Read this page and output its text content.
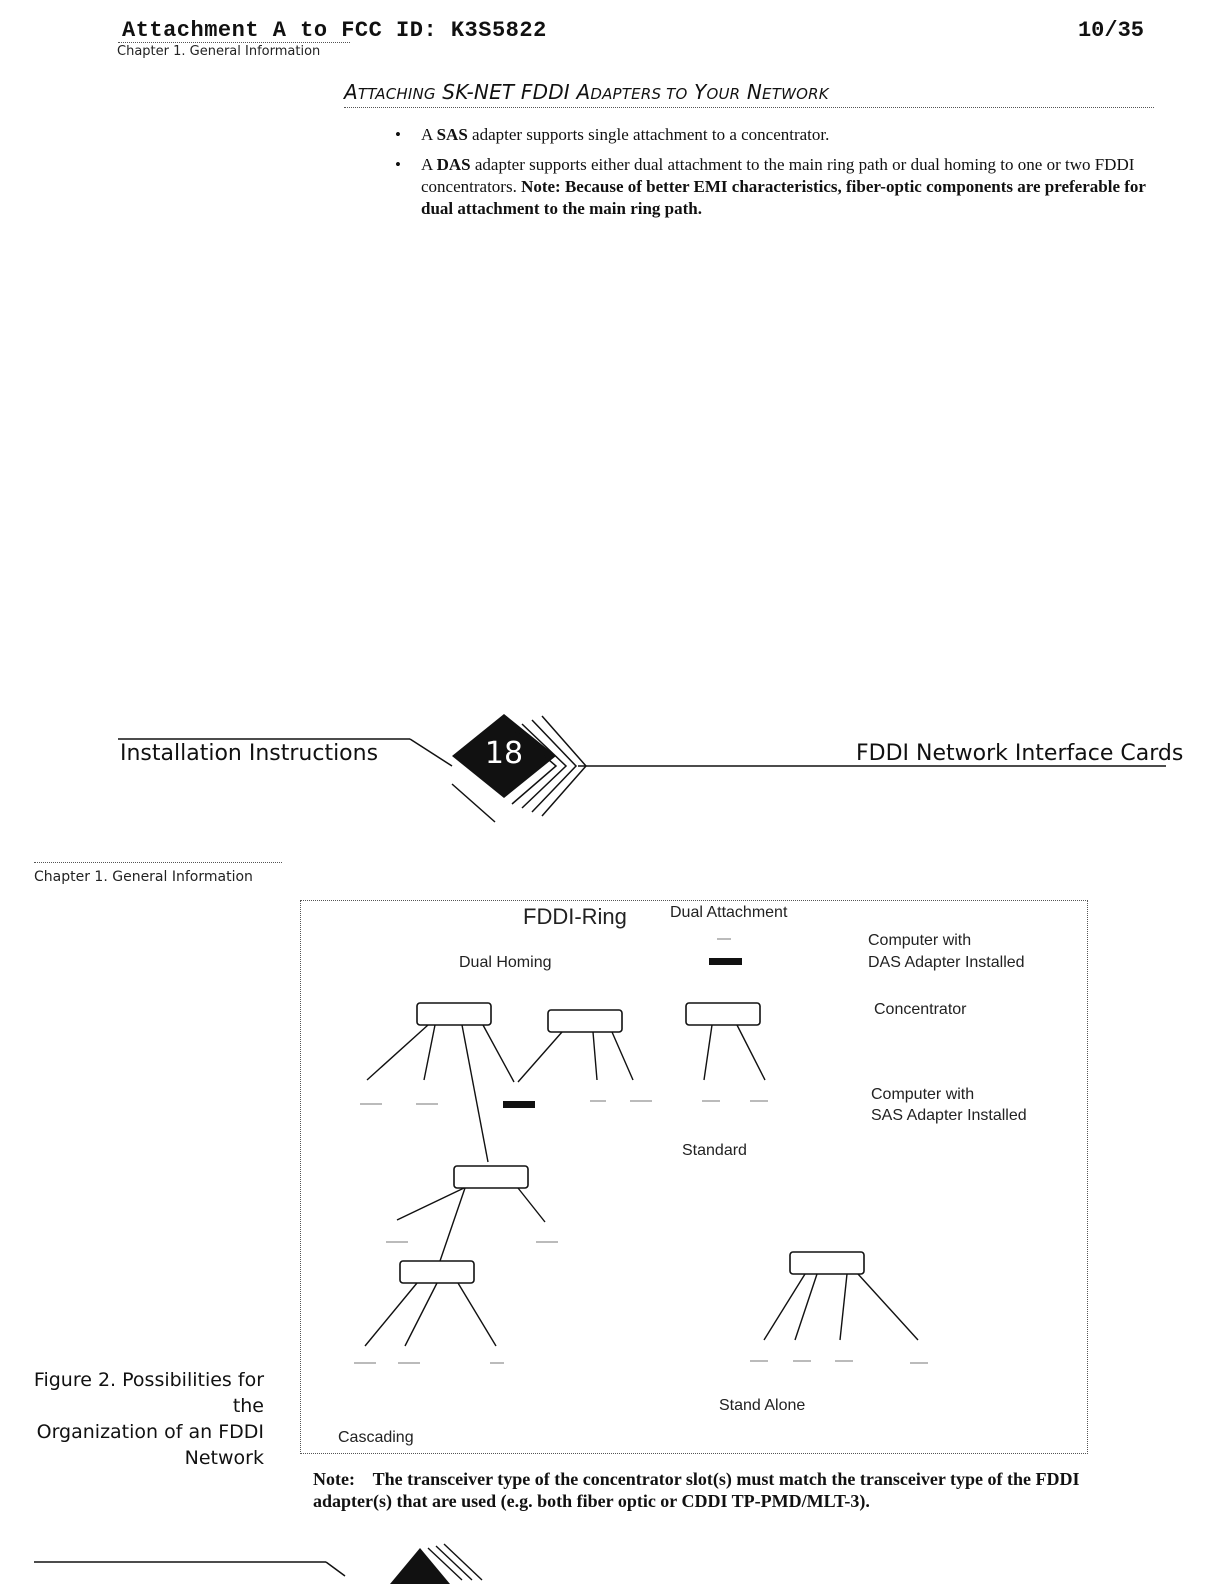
Attachment A to FCC ID: K3S5822	10/35
Chapter 1. General Information
ATTACHING SK-NET FDDI ADAPTERS TO YOUR NETWORK
• A SAS adapter supports single attachment to a concentrator.
• A DAS adapter supports either dual attachment to the main ring path or dual homing to one or two FDDI concentrators. Note: Because of better EMI characteristics, fiber-optic components are preferable for dual attachment to the main ring path.
Installation Instructions	18	FDDI Network Interface Cards
Chapter 1. General Information
FDDI-Ring	Dual Attachment
Dual Homing
Computer with
DAS Adapter Installed
Concentrator
Computer with
SAS Adapter Installed
Standard
Stand Alone
Cascading
Figure 2. Possibilities for the
Organization of an FDDI
Network
Note:    The transceiver type of the concentrator slot(s) must match the transceiver type of the FDDI adapter(s) that are used (e.g. both fiber optic or CDDI TP-PMD/MLT-3).
